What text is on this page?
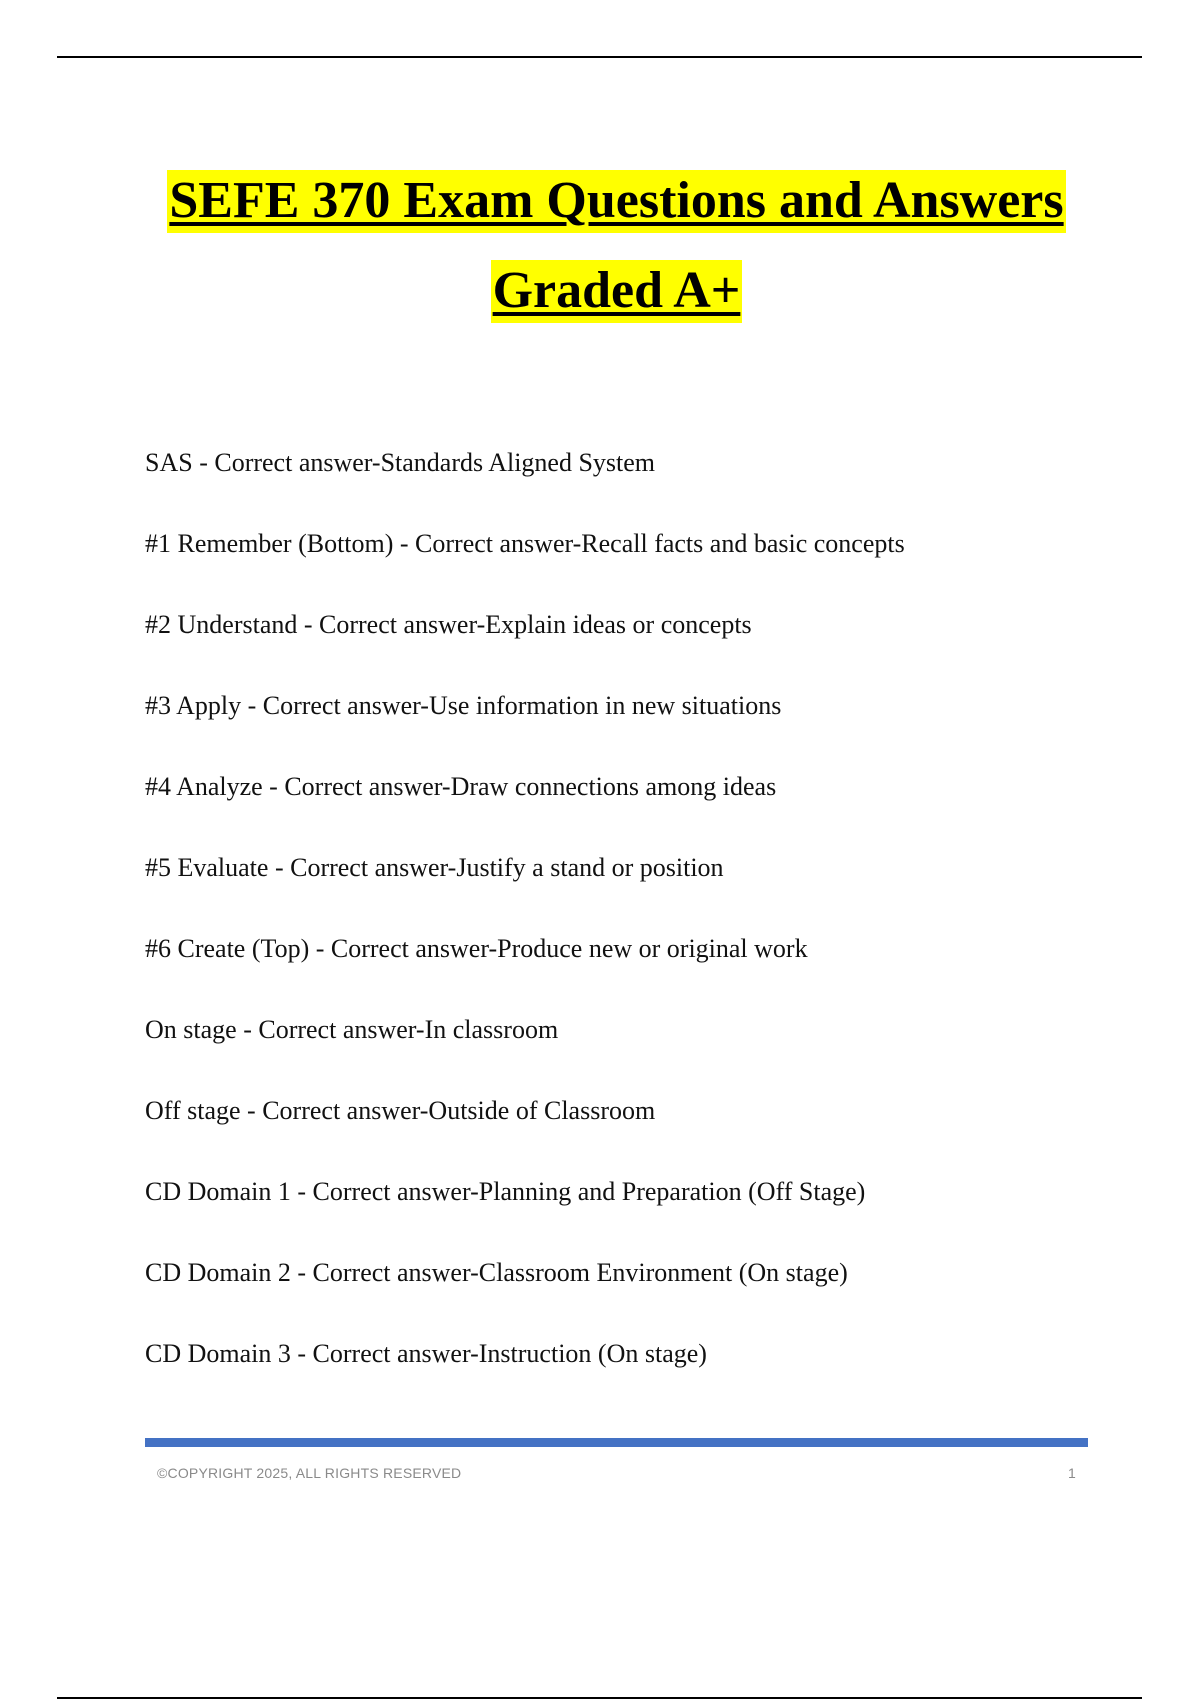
SEFE 370 Exam Questions and Answers
Graded A+
SAS - Correct answer-Standards Aligned System
#1 Remember (Bottom) - Correct answer-Recall facts and basic concepts
#2 Understand - Correct answer-Explain ideas or concepts
#3 Apply - Correct answer-Use information in new situations
#4 Analyze - Correct answer-Draw connections among ideas
#5 Evaluate - Correct answer-Justify a stand or position
#6 Create (Top) - Correct answer-Produce new or original work
On stage - Correct answer-In classroom
Off stage - Correct answer-Outside of Classroom
CD Domain 1 - Correct answer-Planning and Preparation (Off Stage)
CD Domain 2 - Correct answer-Classroom Environment (On stage)
CD Domain 3 - Correct answer-Instruction (On stage)
©COPYRIGHT 2025, ALL RIGHTS RESERVED	1
